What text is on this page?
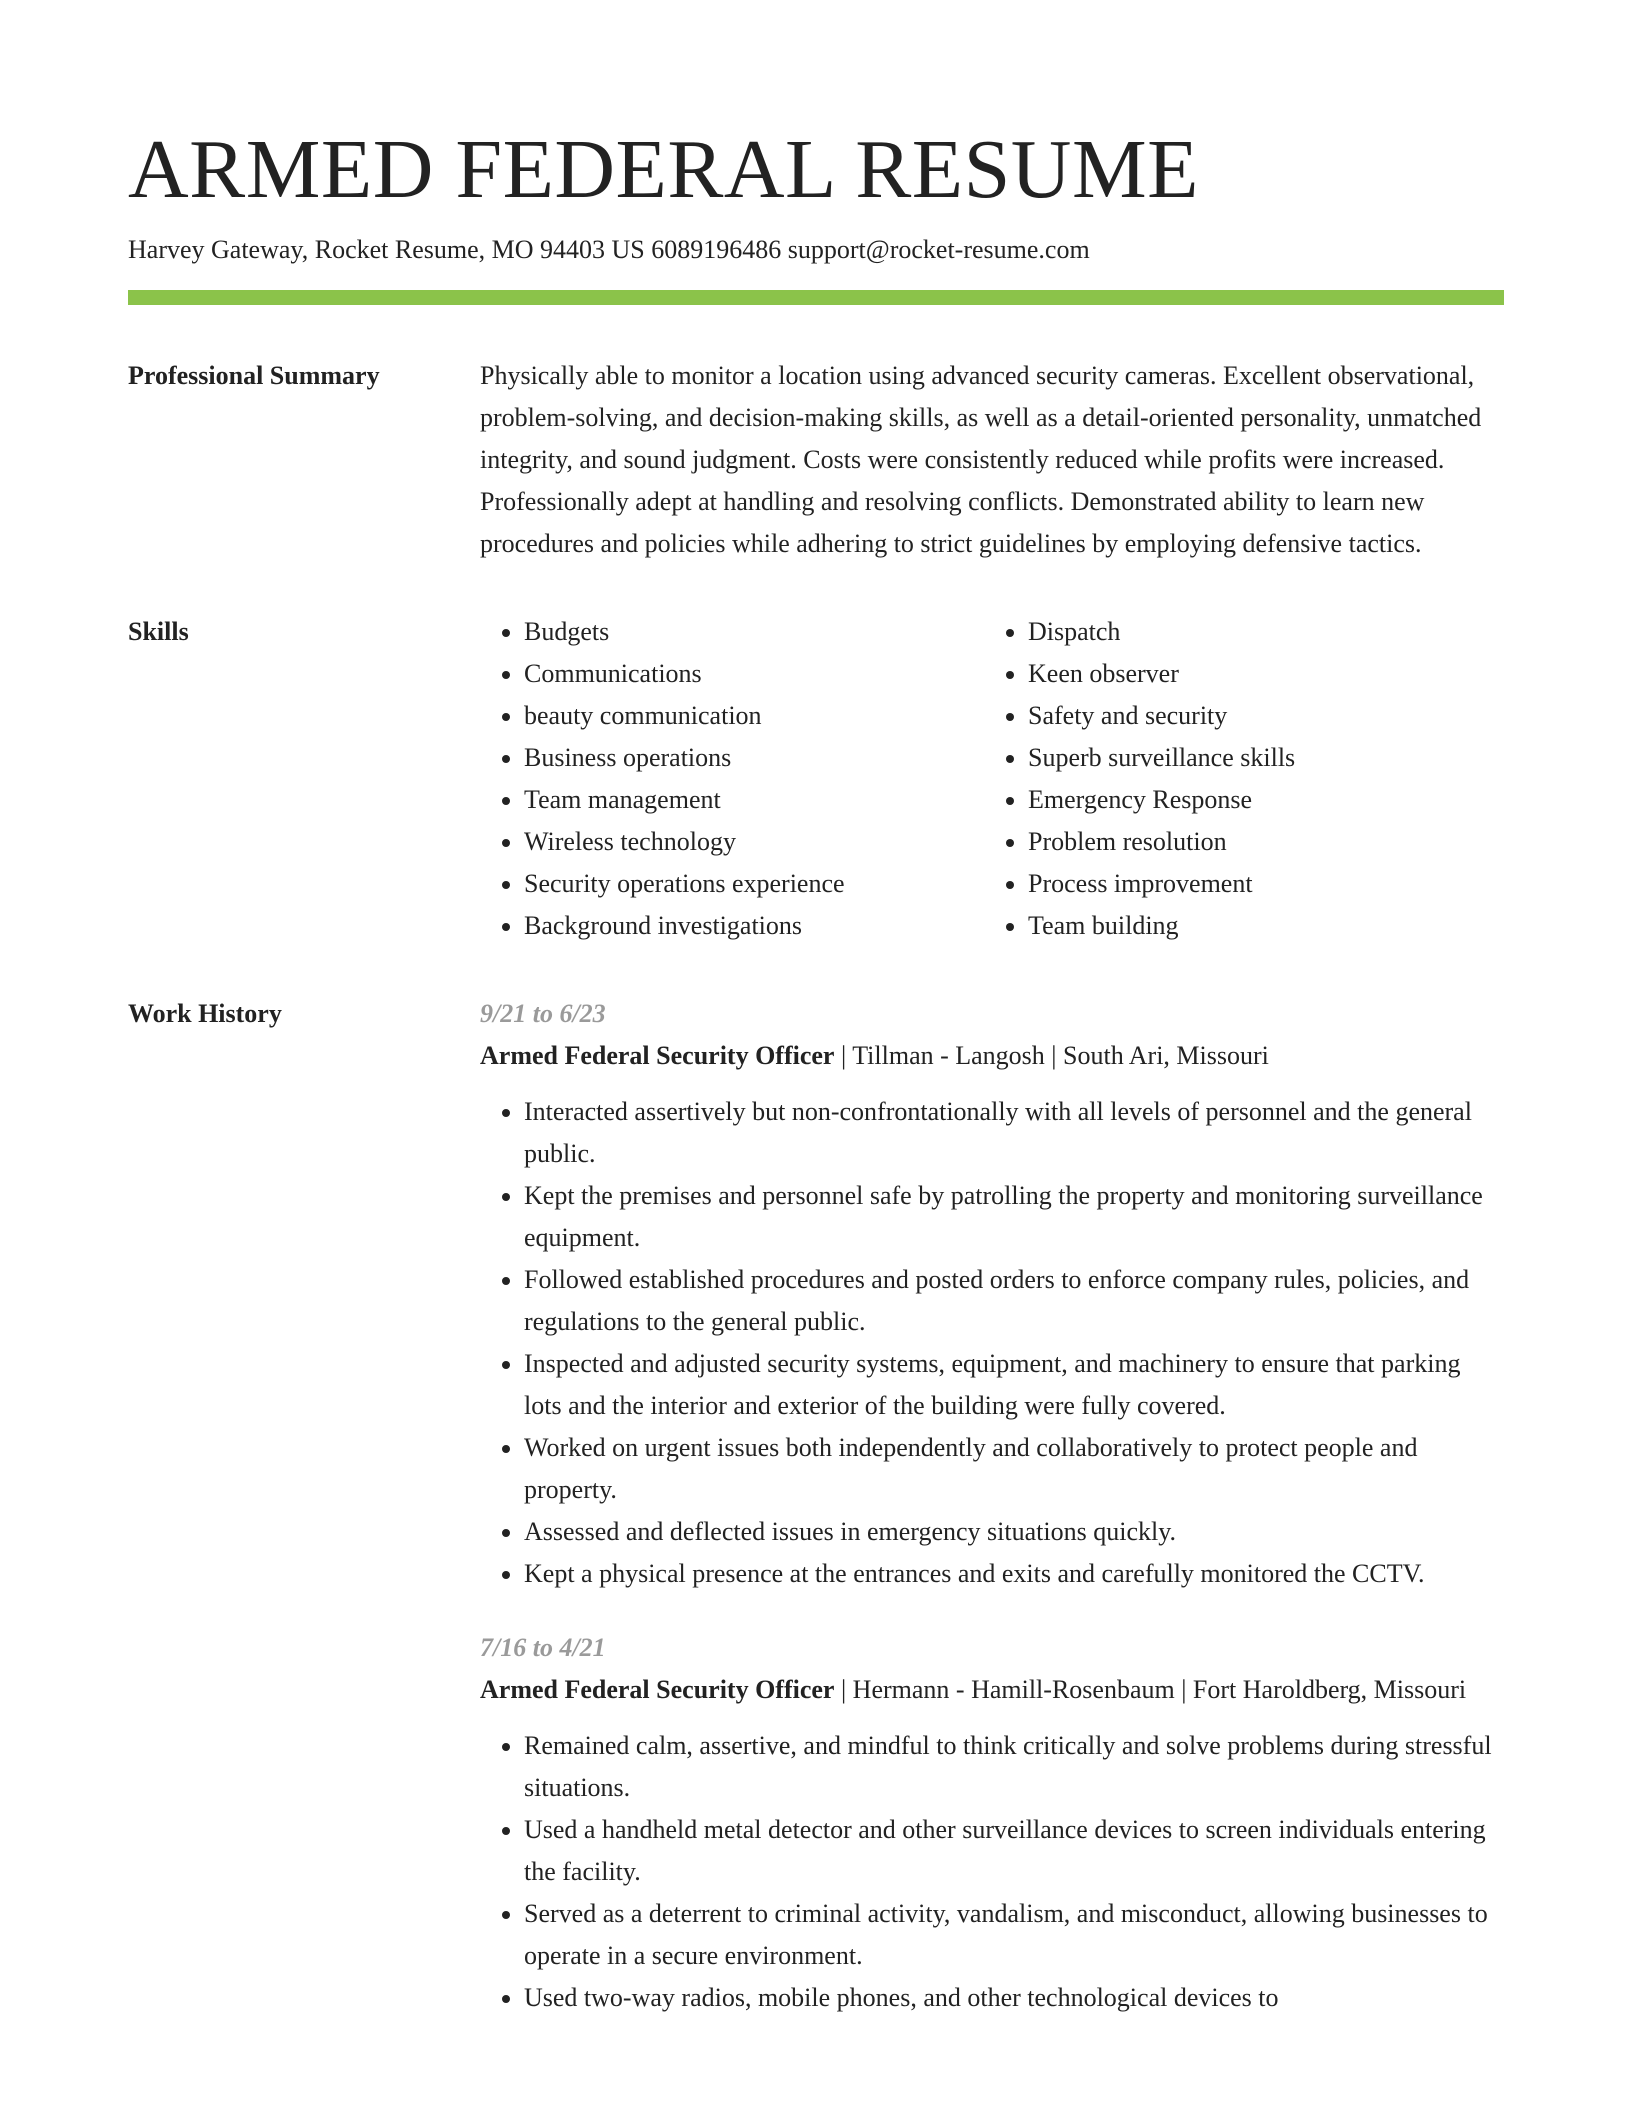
ARMED FEDERAL RESUME
Harvey Gateway, Rocket Resume, MO 94403 US 6089196486 support@rocket-resume.com
Professional Summary	Physically able to monitor a location using advanced security cameras. Excellent observational, problem-solving, and decision-making skills, as well as a detail-oriented personality, unmatched integrity, and sound judgment. Costs were consistently reduced while profits were increased. Professionally adept at handling and resolving conflicts. Demonstrated ability to learn new procedures and policies while adhering to strict guidelines by employing defensive tactics.

Skills
•	Budgets
• Communications
• beauty communication
• Business operations
• Team management
• Wireless technology
• Security operations experience
• Background investigations
• Dispatch
• Keen observer
• Safety and security
• Superb surveillance skills
• Emergency Response
• Problem resolution
• Process improvement
• Team building
Work History	9/21 to 6/23
Armed Federal Security Officer | Tillman - Langosh | South Ari, Missouri
• Interacted assertively but non-confrontationally with all levels of personnel and the general public.
• Kept the premises and personnel safe by patrolling the property and monitoring surveillance equipment.
• Followed established procedures and posted orders to enforce company rules, policies, and regulations to the general public.
• Inspected and adjusted security systems, equipment, and machinery to ensure that parking lots and the interior and exterior of the building were fully covered.
• Worked on urgent issues both independently and collaboratively to protect people and property.
• Assessed and deflected issues in emergency situations quickly.
• Kept a physical presence at the entrances and exits and carefully monitored the CCTV.
7/16 to 4/21
Armed Federal Security Officer | Hermann - Hamill-Rosenbaum | Fort Haroldberg, Missouri
• Remained calm, assertive, and mindful to think critically and solve problems during stressful situations.
• Used a handheld metal detector and other surveillance devices to screen individuals entering the facility.
• Served as a deterrent to criminal activity, vandalism, and misconduct, allowing businesses to operate in a secure environment.
• Used two-way radios, mobile phones, and other technological devices to
